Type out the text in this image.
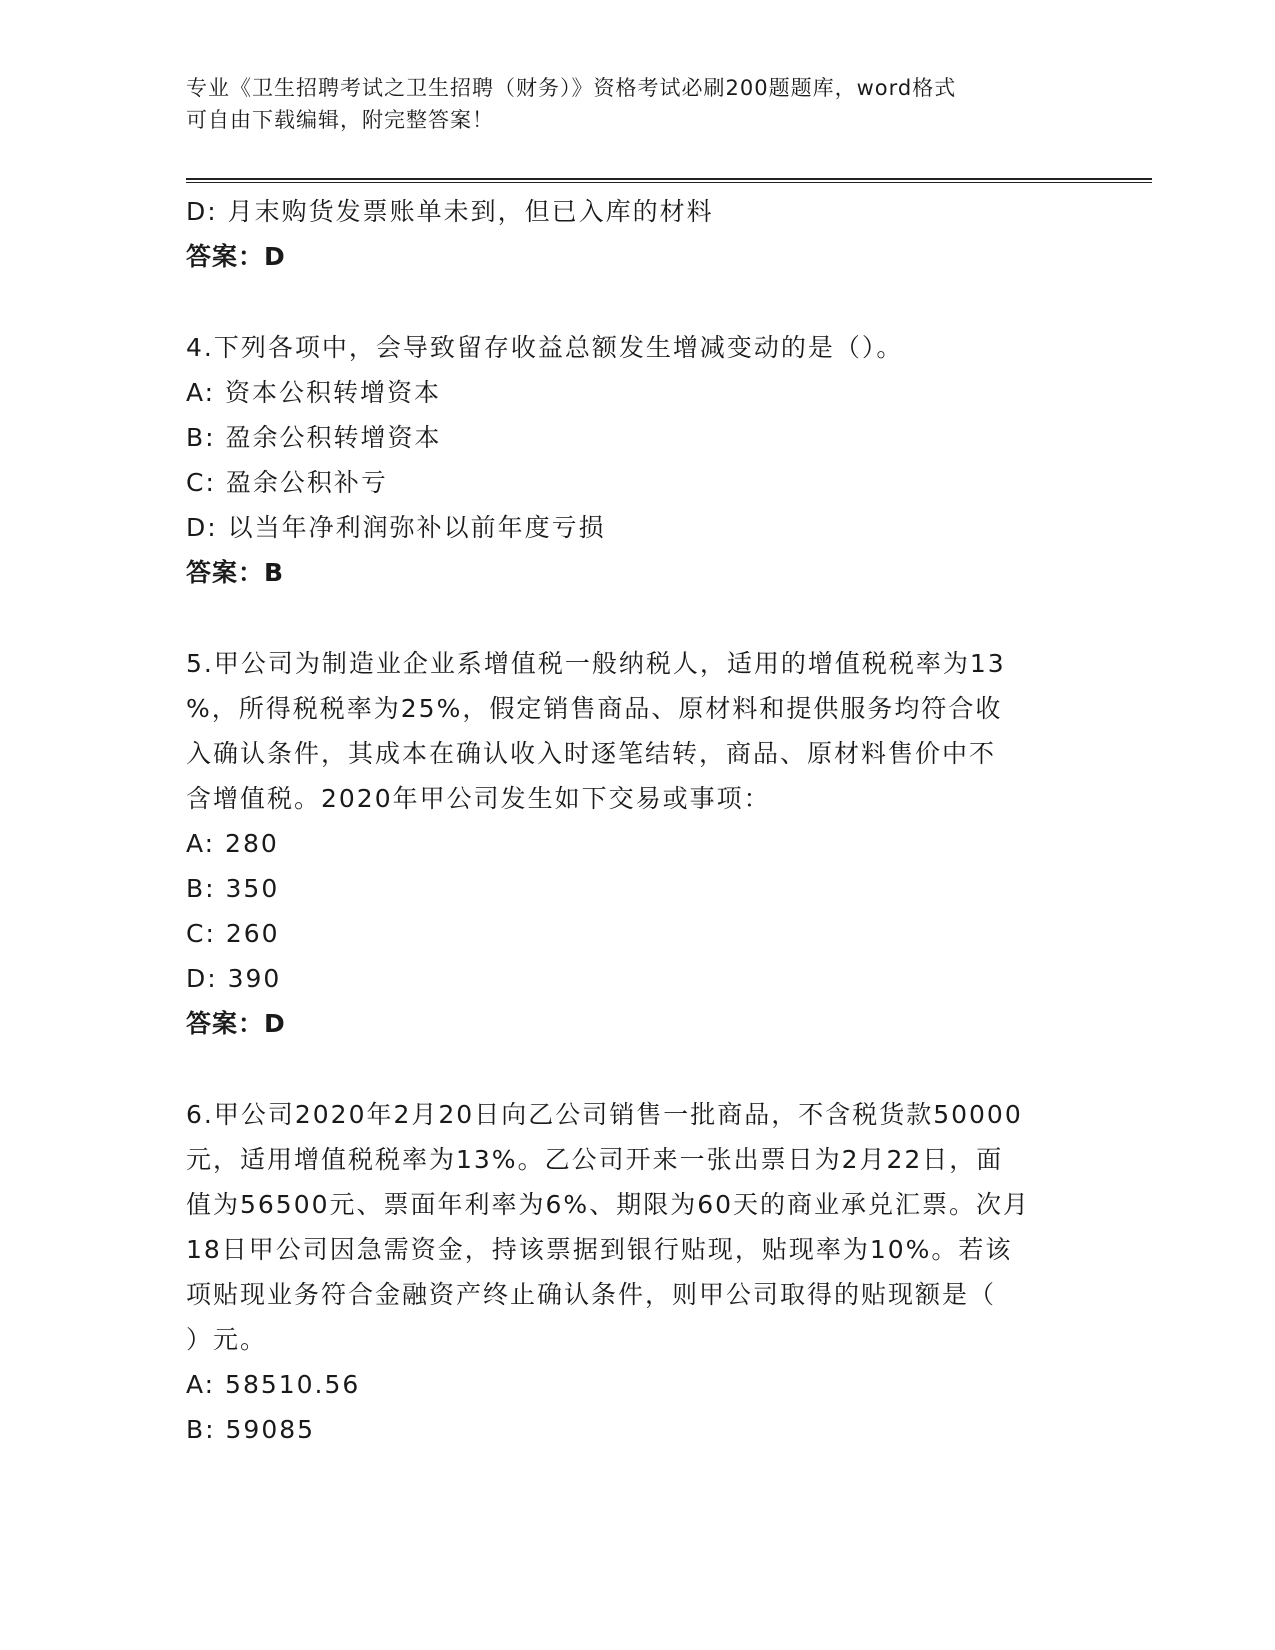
专业《卫生招聘考试之卫生招聘（财务）》资格考试必刷200题题库，word格式
可自由下载编辑，附完整答案！
D: 月末购货发票账单未到，但已入库的材料
答案：D
4.下列各项中，会导致留存收益总额发生增减变动的是（）。
A: 资本公积转增资本
B: 盈余公积转增资本
C: 盈余公积补亏
D: 以当年净利润弥补以前年度亏损
答案：B
5.甲公司为制造业企业系增值税一般纳税人，适用的增值税税率为13
%，所得税税率为25%，假定销售商品、原材料和提供服务均符合收
入确认条件，其成本在确认收入时逐笔结转，商品、原材料售价中不
含增值税。2020年甲公司发生如下交易或事项：
A: 280
B: 350
C: 260
D: 390
答案：D
6.甲公司2020年2月20日向乙公司销售一批商品，不含税货款50000
元，适用增值税税率为13%。乙公司开来一张出票日为2月22日，面
值为56500元、票面年利率为6%、期限为60天的商业承兑汇票。次月
18日甲公司因急需资金，持该票据到银行贴现，贴现率为10%。若该
项贴现业务符合金融资产终止确认条件，则甲公司取得的贴现额是（
）元。
A: 58510.56
B: 59085
